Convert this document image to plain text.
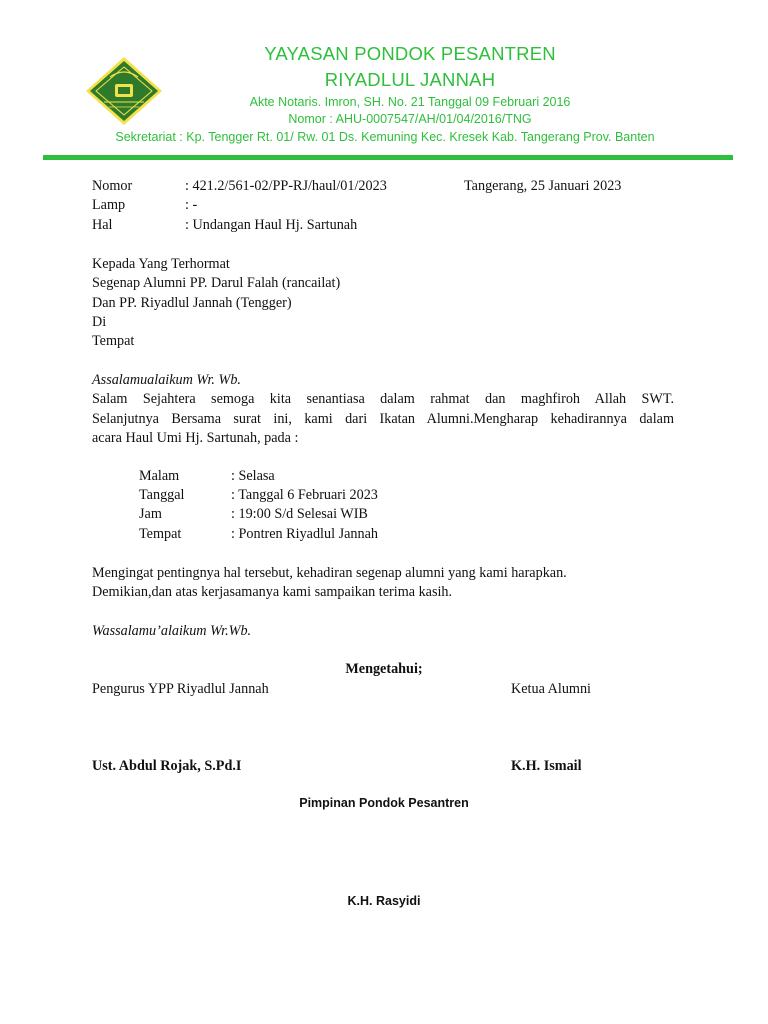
YAYASAN PONDOK PESANTREN
RIYADLUL JANNAH
Akte Notaris. Imron, SH. No. 21 Tanggal 09 Februari 2016
Nomor : AHU-0007547/AH/01/04/2016/TNG
Sekretariat : Kp. Tengger Rt. 01/ Rw. 01 Ds. Kemuning Kec. Kresek Kab. Tangerang Prov. Banten
Nomor	: 421.2/561-02/PP-RJ/haul/01/2023	Tangerang, 25 Januari 2023
Lamp	: -
Hal	: Undangan Haul Hj. Sartunah
Kepada Yang Terhormat
Segenap Alumni PP. Darul Falah (rancailat)
Dan PP. Riyadlul Jannah (Tengger)
Di
Tempat
Assalamualaikum Wr. Wb.
Salam Sejahtera semoga kita senantiasa dalam rahmat dan maghfiroh Allah SWT.
Selanjutnya Bersama surat ini, kami dari Ikatan Alumni.Mengharap kehadirannya dalam
acara Haul Umi Hj. Sartunah, pada :
Malam	: Selasa
Tanggal	: Tanggal 6 Februari 2023
Jam	: 19:00 S/d Selesai WIB
Tempat	: Pontren Riyadlul Jannah
Mengingat pentingnya hal tersebut, kehadiran segenap alumni yang kami harapkan.
Demikian,dan atas kerjasamanya kami sampaikan terima kasih.
Wassalamu’alaikum Wr.Wb.
Mengetahui;
Pengurus YPP Riyadlul Jannah	Ketua Alumni
Ust. Abdul Rojak, S.Pd.I	K.H. Ismail
Pimpinan Pondok Pesantren
K.H. Rasyidi
